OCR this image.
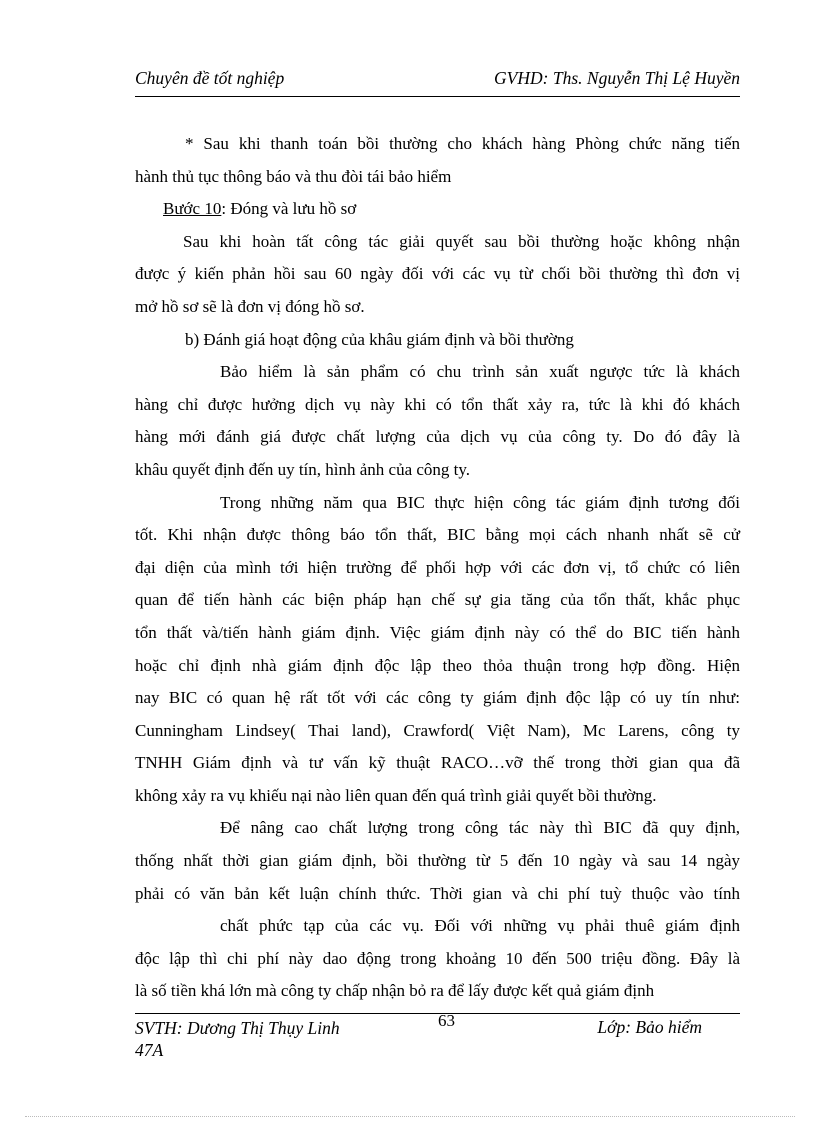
Chuyên đề tốt nghiệp	GVHD: Ths. Nguyễn Thị Lệ Huyền
* Sau khi thanh toán bồi thường cho khách hàng Phòng chức năng tiến
hành thủ tục thông báo và thu đòi tái bảo hiểm
Bước 10: Đóng và lưu hồ sơ
Sau khi hoàn tất công tác giải quyết sau bồi thường hoặc không nhận
được ý kiến phản hồi sau 60 ngày đối với các vụ từ chối bồi thường thì đơn vị
mở hồ sơ sẽ là đơn vị đóng hồ sơ.
b) Đánh giá hoạt động của khâu giám định và bồi thường
Bảo hiểm là sản phẩm có chu trình sản xuất ngược tức là khách
hàng chỉ được hưởng dịch vụ này khi có tổn thất xảy ra, tức là khi đó khách
hàng mới đánh giá được chất lượng của dịch vụ của công ty. Do đó đây là
khâu quyết định đến uy tín, hình ảnh của công ty.
Trong những năm qua BIC thực hiện công tác giám định tương đối
tốt. Khi nhận được thông báo tổn thất, BIC bằng mọi cách nhanh nhất sẽ cử
đại diện của mình tới hiện trường để phối hợp với các đơn vị, tổ chức có liên
quan để tiến hành các biện pháp hạn chế sự gia tăng của tổn thất, khắc phục
tổn thất và/tiến hành giám định. Việc giám định này có thể do BIC tiến hành
hoặc chỉ định nhà giám định độc lập theo thỏa thuận trong hợp đồng. Hiện
nay BIC có quan hệ rất tốt với các công ty giám định độc lập có uy tín như:
Cunningham Lindsey( Thai land), Crawford( Việt Nam), Mc Larens, công ty
TNHH Giám định và tư vấn kỹ thuật RACO…vỡ thế trong thời gian qua đã
không xảy ra vụ khiếu nại nào liên quan đến quá trình giải quyết bồi thường.
Để nâng cao chất lượng trong công tác này thì BIC đã quy định,
thống nhất thời gian giám định, bồi thường từ 5 đến 10 ngày và sau 14 ngày
phải có văn bản kết luận chính thức. Thời gian và chi phí tuỳ thuộc vào tính
chất phức tạp của các vụ. Đối với những vụ phải thuê giám định
độc lập thì chi phí này dao động trong khoảng 10 đến 500 triệu đồng. Đây là
là số tiền khá lớn mà công ty chấp nhận bỏ ra để lấy được kết quả giám định
SVTH: Dương Thị Thụy Linh
47A
63	Lớp: Bảo hiểm
